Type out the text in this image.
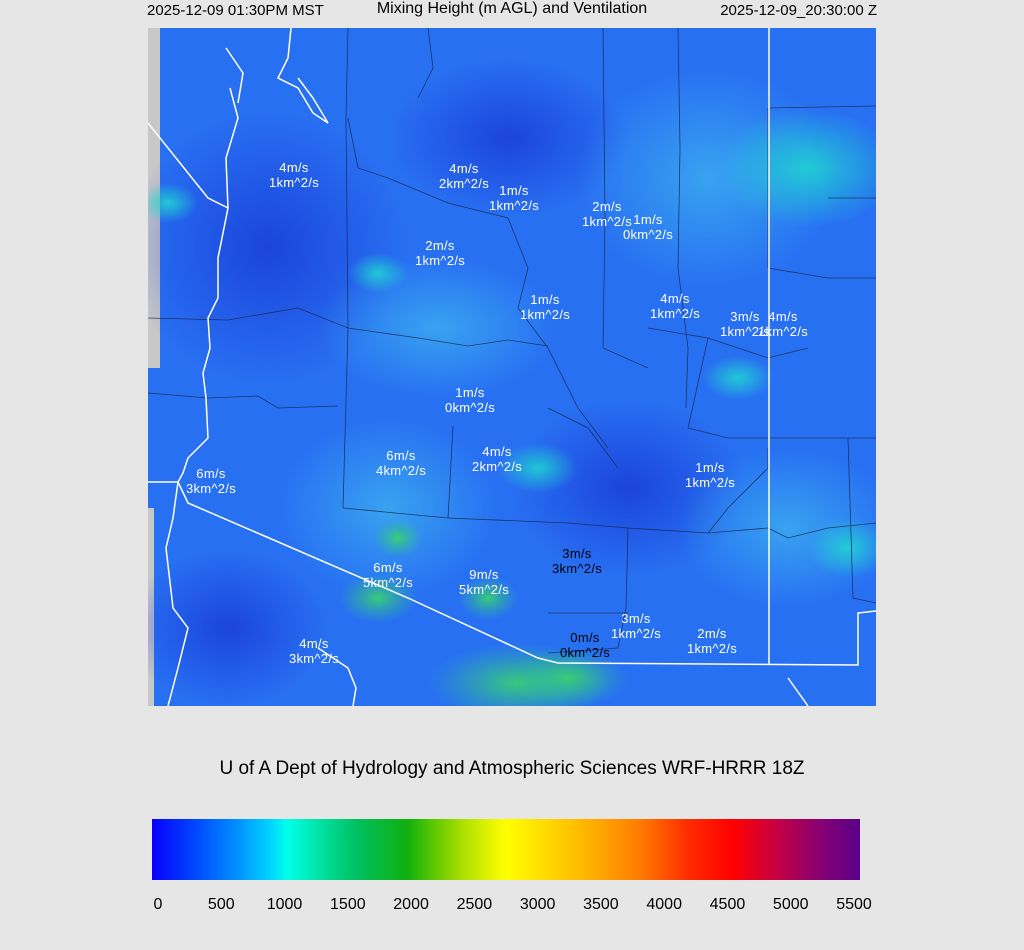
2025-12-09 01:30PM MST	Mixing Height (m AGL) and Ventilation	2025-12-09_20:30:00 Z
4m/s
1km^2/s
4m/s
2km^2/s 1m/s
1km^2/s	2m/s
1km^2/s 1m/s
0km^2/s
2m/s
1km^2/s
1m/s
1km^2/s
4m/s
1km^2/s	3m/s
1km^2/s
4m/s
1km^2/s
1m/s
0km^2/s
6m/s
4km^2/s
4m/s
2km^2/s	1m/s
1km^2/s
6m/s
3km^2/s
6m/s
5km^2/s
9m/s
5km^2/s
3m/s
3km^2/s
3m/s
1km^2/s
0m/s
0km^2/s
2m/s
1km^2/s
4m/s
3km^2/s
U of A Dept of Hydrology and Atmospheric Sciences WRF-HRRR 18Z
0	500 1000 1500 2000 2500 3000 3500 4000 4500 5000 5500
